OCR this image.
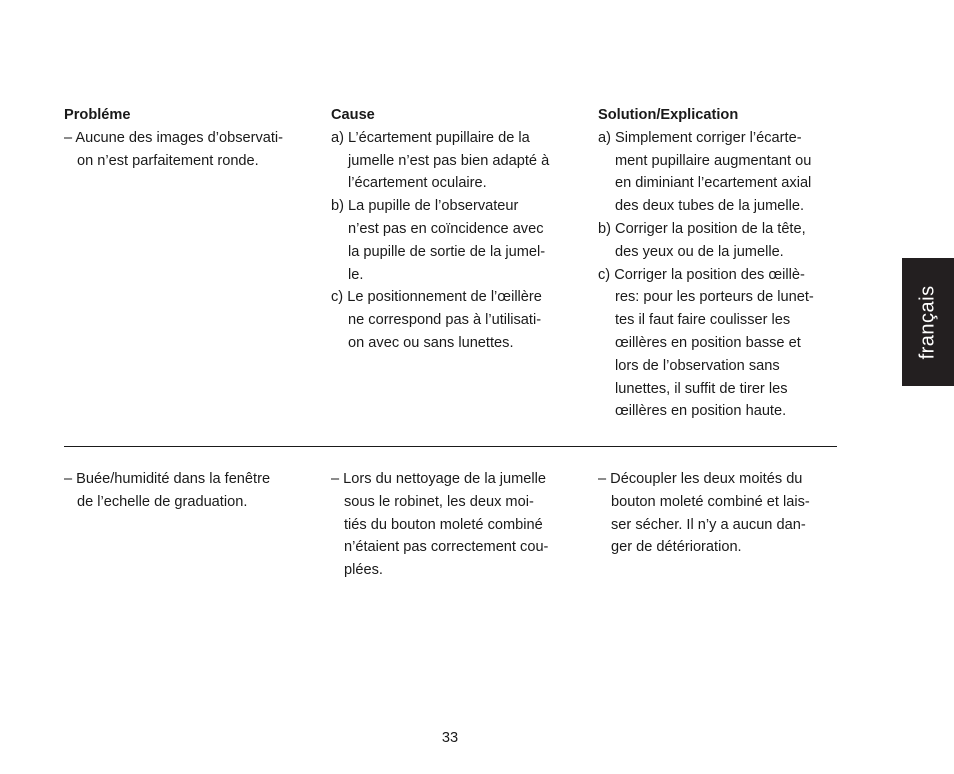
Probléme

– Aucune des images d’observati-
on n’est parfaitement ronde.

Cause

a) L’écartement pupillaire de la
jumelle n’est pas bien adapté à
l’écartement oculaire.

b) La pupille de l’observateur
n’est pas en coïncidence avec
la pupille de sortie de la jumel-
le.

c) Le positionnement de l’œillère
ne correspond pas à l’utilisati-
on avec ou sans lunettes.

Solution/Explication

a) Simplement corriger l’écarte-
ment pupillaire augmentant ou
en diminiant l’ecartement axial
des deux tubes de la jumelle.

b) Corriger la position de la tête,
des yeux ou de la jumelle.

c) Corriger la position des œillè-
res: pour les porteurs de lunet-
tes il faut faire coulisser les
œillères en position basse et
lors de l’observation sans
lunettes, il suffit de tirer les
œillères en position haute.

– Buée/humidité dans la fenêtre
de l’echelle de graduation.

– Lors du nettoyage de la jumelle
sous le robinet, les deux moi-
tiés du bouton moleté combiné
n’étaient pas correctement cou-
plées.

– Découpler les deux moités du
bouton moleté combiné et lais-
ser sécher. Il n’y a aucun dan-
ger de détérioration.

français
33
